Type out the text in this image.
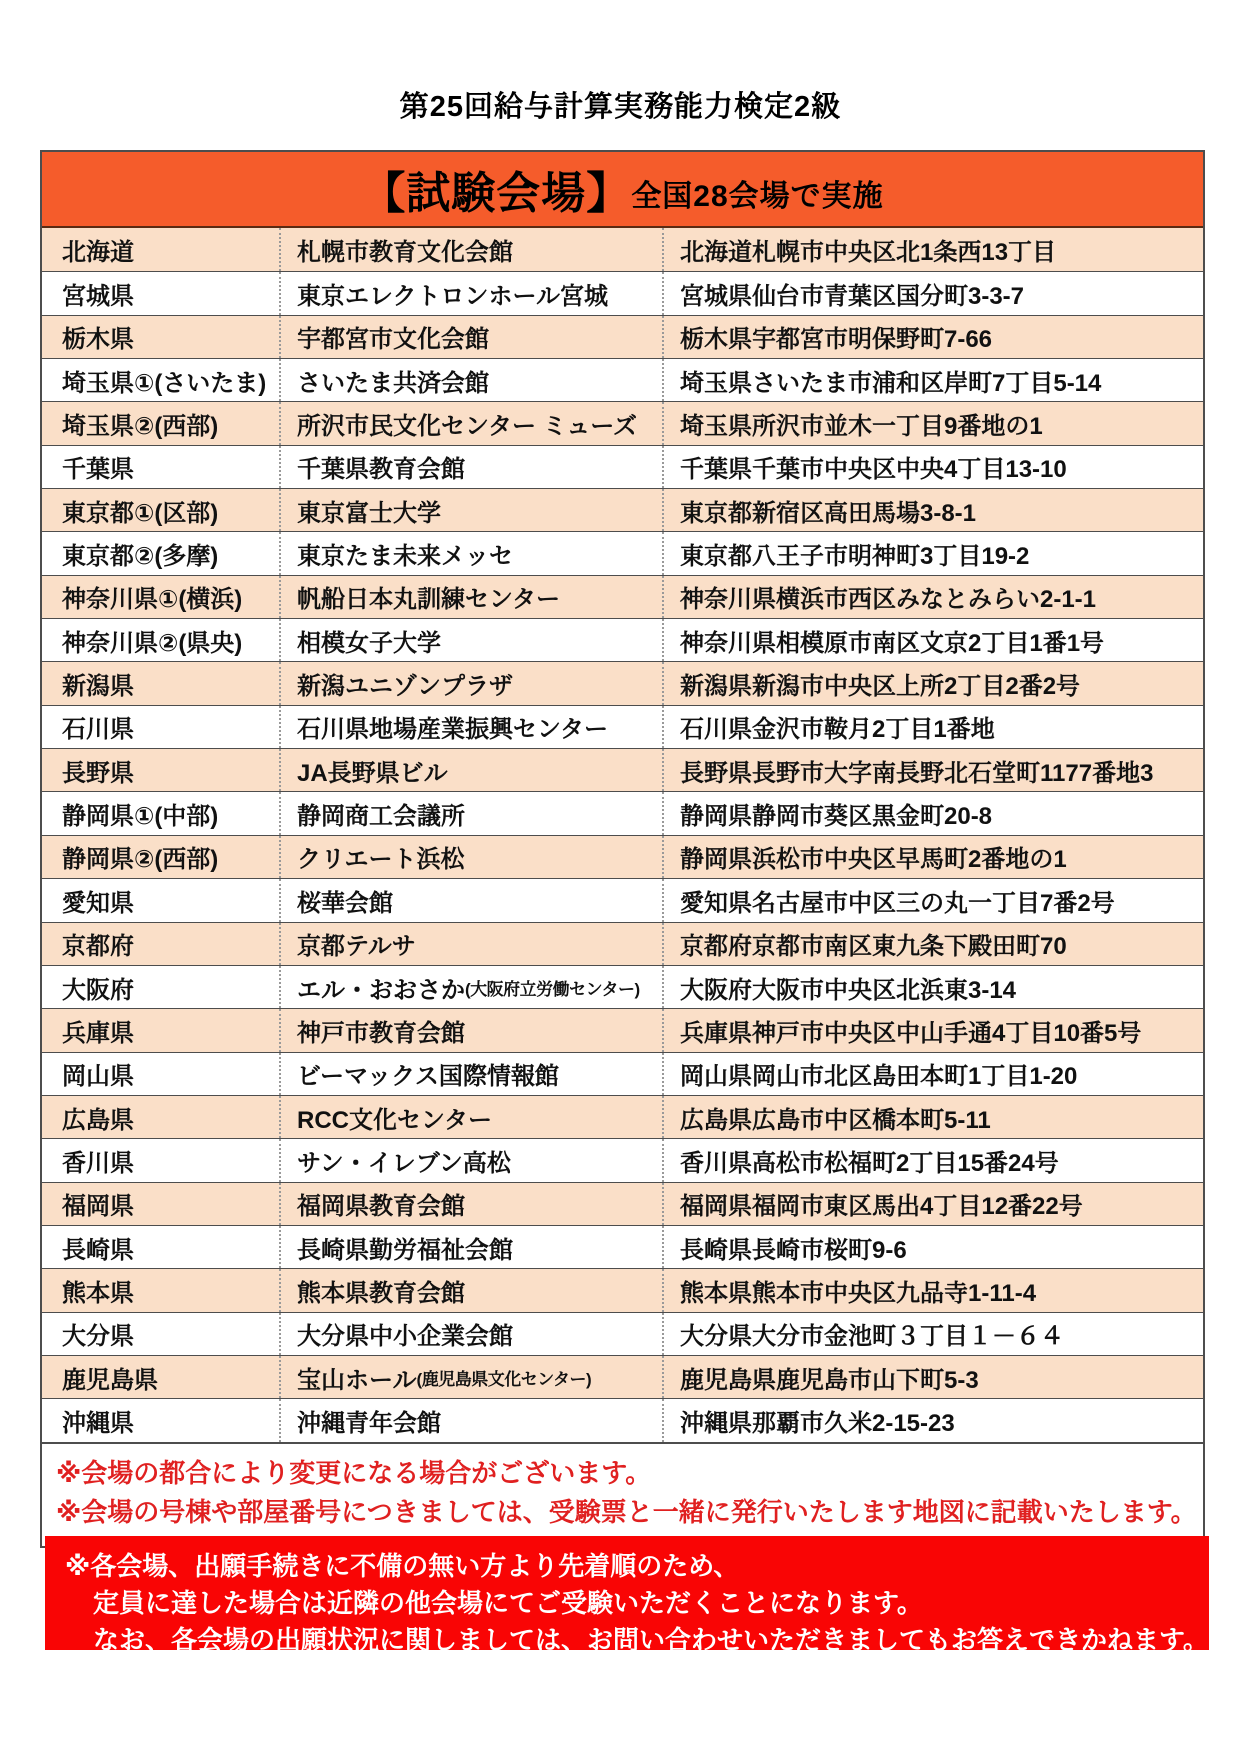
第25回給与計算実務能力検定2級
【試験会場】 全国28会場で実施
北海道	札幌市教育文化会館	北海道札幌市中央区北1条西13丁目
宮城県	東京エレクトロンホール宮城	宮城県仙台市青葉区国分町3-3-7
栃木県	宇都宮市文化会館	栃木県宇都宮市明保野町7-66
埼玉県①(さいたま)	さいたま共済会館	埼玉県さいたま市浦和区岸町7丁目5-14
埼玉県②(西部)	所沢市民文化センター ミューズ	埼玉県所沢市並木一丁目9番地の1
千葉県	千葉県教育会館	千葉県千葉市中央区中央4丁目13-10
東京都①(区部)	東京富士大学	東京都新宿区高田馬場3-8-1
東京都②(多摩)	東京たま未来メッセ	東京都八王子市明神町3丁目19-2
神奈川県①(横浜)	帆船日本丸訓練センター	神奈川県横浜市西区みなとみらい2-1-1
神奈川県②(県央)	相模女子大学	神奈川県相模原市南区文京2丁目1番1号
新潟県	新潟ユニゾンプラザ	新潟県新潟市中央区上所2丁目2番2号
石川県	石川県地場産業振興センター	石川県金沢市鞍月2丁目1番地
長野県	JA長野県ビル	長野県長野市大字南長野北石堂町1177番地3
静岡県①(中部)	静岡商工会議所	静岡県静岡市葵区黒金町20-8
静岡県②(西部)	クリエート浜松	静岡県浜松市中央区早馬町2番地の1
愛知県	桜華会館	愛知県名古屋市中区三の丸一丁目7番2号
京都府	京都テルサ	京都府京都市南区東九条下殿田町70
大阪府	エル・おおさか (大阪府立労働センター)	大阪府大阪市中央区北浜東3-14
兵庫県	神戸市教育会館	兵庫県神戸市中央区中山手通4丁目10番5号
岡山県	ビーマックス国際情報館	岡山県岡山市北区島田本町1丁目1-20
広島県	RCC文化センター	広島県広島市中区橋本町5-11
香川県	サン・イレブン高松	香川県高松市松福町2丁目15番24号
福岡県	福岡県教育会館	福岡県福岡市東区馬出4丁目12番22号
長崎県	長崎県勤労福祉会館	長崎県長崎市桜町9-6
熊本県	熊本県教育会館	熊本県熊本市中央区九品寺1-11-4
大分県	大分県中小企業会館	大分県大分市金池町３丁目１－６４
鹿児島県	宝山ホール (鹿児島県文化センター)	鹿児島県鹿児島市山下町5-3
沖縄県	沖縄青年会館	沖縄県那覇市久米2-15-23
※会場の都合により変更になる場合がございます。
※会場の号棟や部屋番号につきましては、受験票と一緒に発行いたします地図に記載いたします。
※各会場、出願手続きに不備の無い方より先着順のため、
定員に達した場合は近隣の他会場にてご受験いただくことになります。
なお、各会場の出願状況に関しましては、お問い合わせいただきましてもお答えできかねます。
